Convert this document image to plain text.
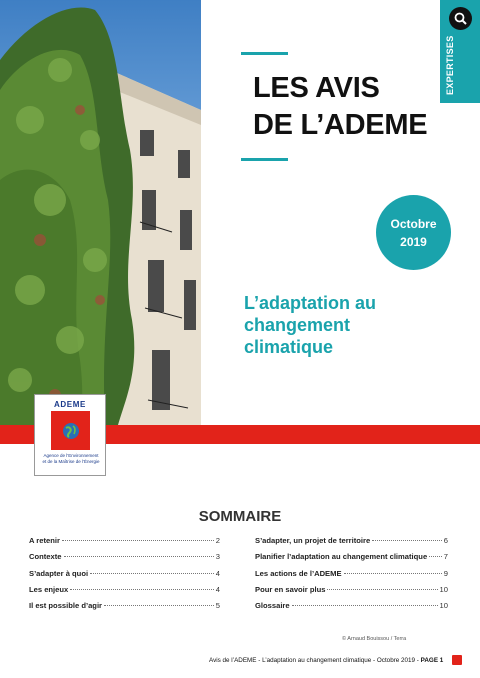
EXPERTISES
LES AVIS
DE L’ADEME
Octobre
2019
L’adaptation au
changement
climatique
ADEME
Agence de l’Environnement
et de la Maîtrise de l’Énergie
SOMMAIRE
A retenir	2
Contexte	3
S’adapter à quoi	4
Les enjeux	4
Il est possible d’agir	5
S’adapter, un projet de territoire	6
Planifier l’adaptation au changement climatique 7
Les actions de l’ADEME	9
Pour en savoir plus	10
Glossaire	10
© Arnaud Bouissou / Terra
Avis de l’ADEME - L’adaptation au changement climatique - Octobre 2019 - PAGE 1
